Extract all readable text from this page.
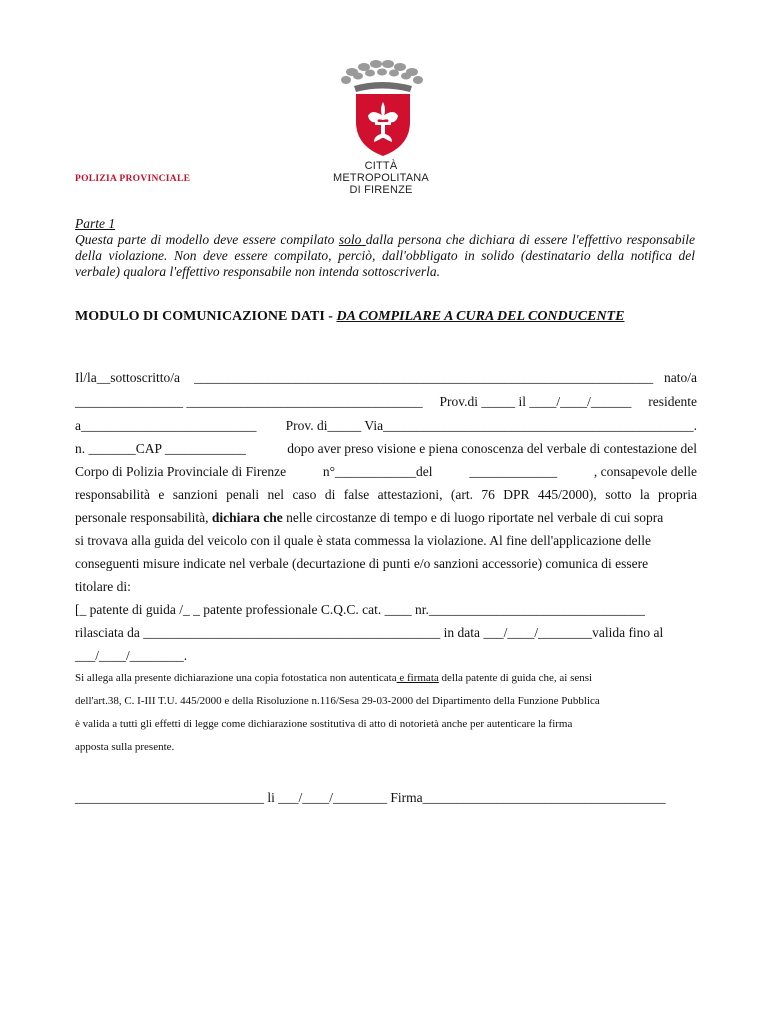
CITTÀ METROPOLITANA
DI FIRENZE
POLIZIA PROVINCIALE
Parte 1
Questa parte di modello deve essere compilato solo dalla persona che dichiara di essere l'effettivo responsabile della violazione. Non deve essere compilato, perciò, dall'obbligato in solido (destinatario della notifica del verbale) qualora l'effettivo responsabile non intenda sottoscriverla.
MODULO DI COMUNICAZIONE DATI - DA COMPILARE A CURA DEL CONDUCENTE
Il/la__sottoscritto/a ____________________________________________________________________ nato/a
________________ ___________________________________ Prov.di _____ il ____/____/______ residente
a__________________________ Prov. di_____ Via______________________________________________.
n. _______CAP ____________	dopo aver preso visione e piena conoscenza del verbale di contestazione del
Corpo di Polizia Provinciale di Firenze	n°____________del	_____________	, consapevole delle
responsabilità e sanzioni penali nel caso di false attestazioni, (art. 76 DPR 445/2000), sotto la propria
personale responsabilità, dichiara che nelle circostanze di tempo e di luogo riportate nel verbale di cui sopra
si trovava alla guida del veicolo con il quale è stata commessa la violazione. Al fine dell'applicazione delle
conseguenti misure indicate nel verbale (decurtazione di punti e/o sanzioni accessorie) comunica di essere
titolare di:
[_ patente di guida /_ _ patente professionale C.Q.C. cat. ____ nr.________________________________
rilasciata da ____________________________________________ in data ___/____/________valida fino al
___/____/________.
Si allega alla presente dichiarazione una copia fotostatica non autenticata e firmata della patente di guida che, ai sensi
dell'art.38, C. I-III T.U. 445/2000 e della Risoluzione n.116/Sesa 29-03-2000 del Dipartimento della Funzione Pubblica
è valida a tutti gli effetti di legge come dichiarazione sostitutiva di atto di notorietà anche per autenticare la firma
apposta sulla presente.
____________________________ li ___/____/________ Firma____________________________________
